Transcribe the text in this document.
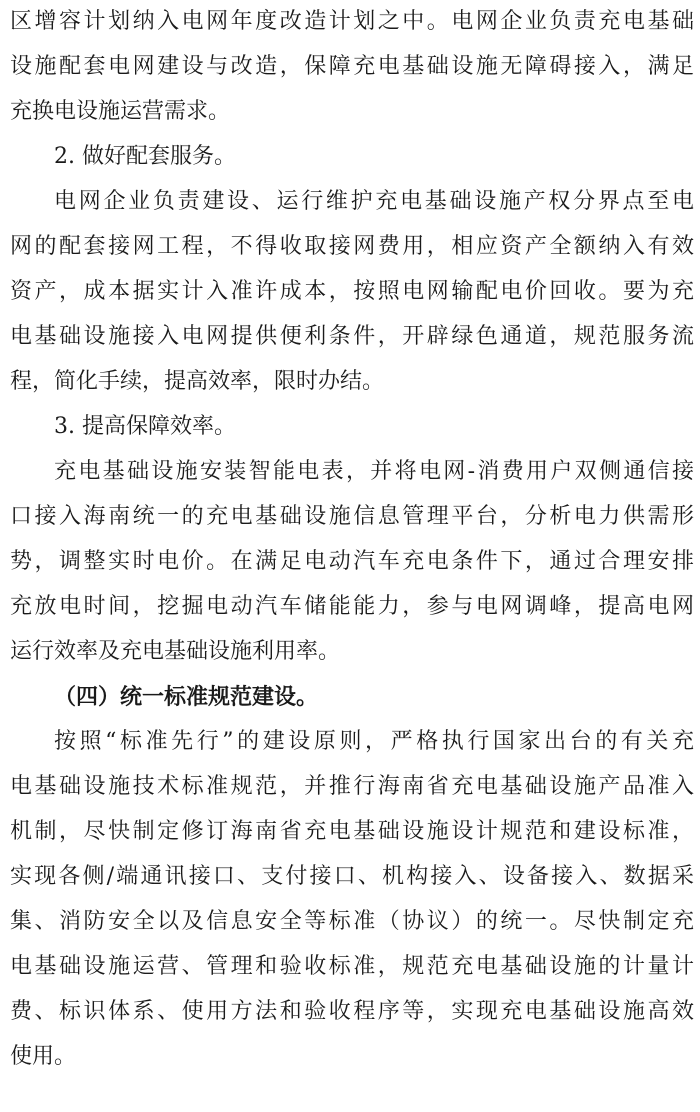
区增容计划纳入电网年度改造计划之中。电网企业负责充电基础
设施配套电网建设与改造，保障充电基础设施无障碍接入，满足
充换电设施运营需求。
2. 做好配套服务。
电网企业负责建设、运行维护充电基础设施产权分界点至电
网的配套接网工程，不得收取接网费用，相应资产全额纳入有效
资产，成本据实计入准许成本，按照电网输配电价回收。要为充
电基础设施接入电网提供便利条件，开辟绿色通道，规范服务流
程，简化手续，提高效率，限时办结。
3. 提高保障效率。
充电基础设施安装智能电表，并将电网-消费用户双侧通信接
口接入海南统一的充电基础设施信息管理平台，分析电力供需形
势，调整实时电价。在满足电动汽车充电条件下，通过合理安排
充放电时间，挖掘电动汽车储能能力，参与电网调峰，提高电网
运行效率及充电基础设施利用率。
（四）统一标准规范建设。
按照“标准先行”的建设原则，严格执行国家出台的有关充
电基础设施技术标准规范，并推行海南省充电基础设施产品准入
机制，尽快制定修订海南省充电基础设施设计规范和建设标准，
实现各侧/端通讯接口、支付接口、机构接入、设备接入、数据采
集、消防安全以及信息安全等标准（协议）的统一。尽快制定充
电基础设施运营、管理和验收标准，规范充电基础设施的计量计
费、标识体系、使用方法和验收程序等，实现充电基础设施高效
使用。
